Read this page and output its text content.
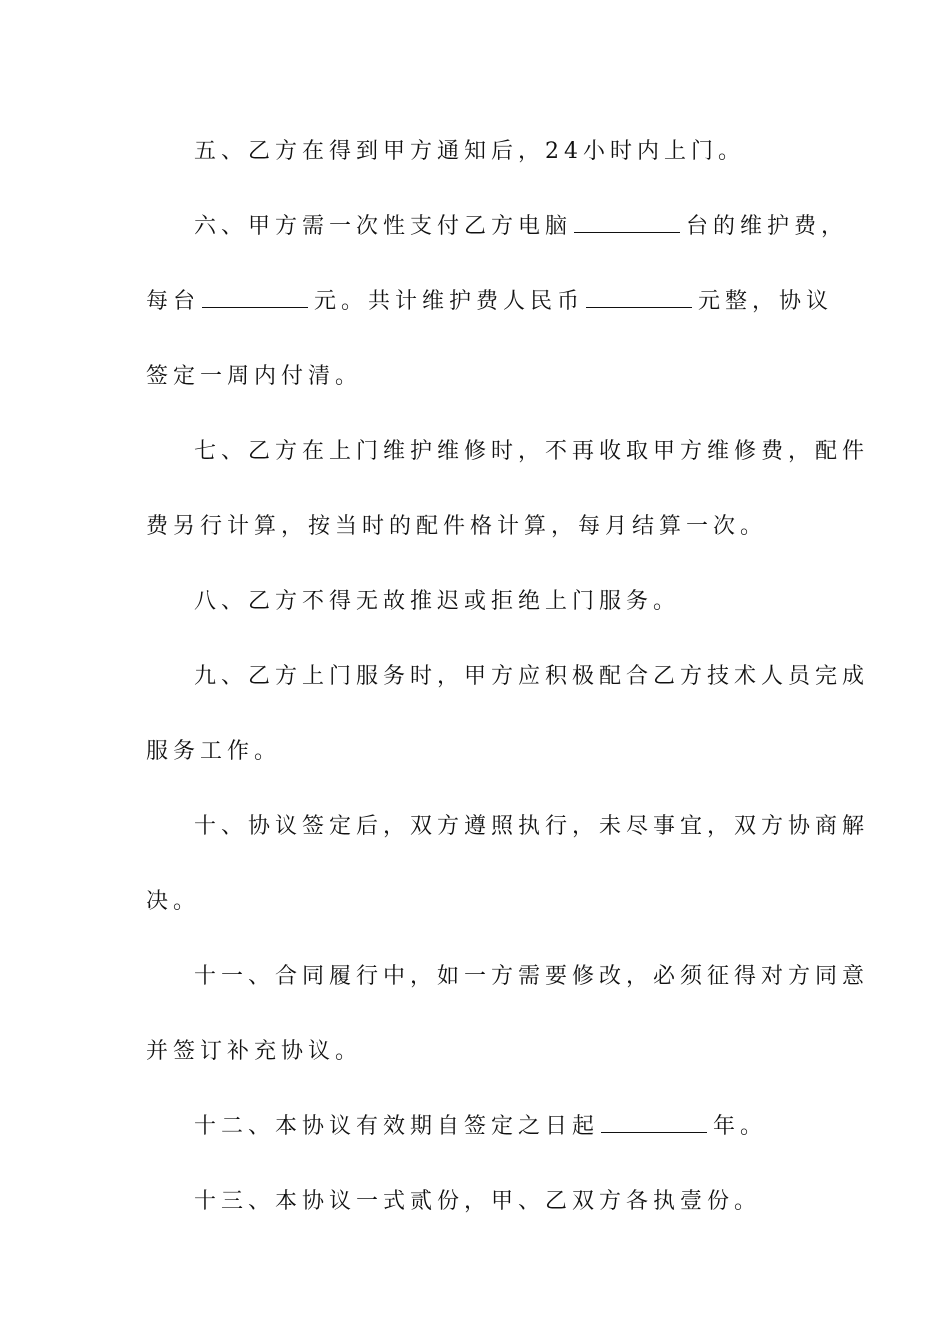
五、乙方在得到甲方通知后，24小时内上门。
六、甲方需一次性支付乙方电脑	台的维护费，
每台	元。共计维护费人民币	元整，协议
签定一周内付清。
七、乙方在上门维护维修时，不再收取甲方维修费，配件
费另行计算，按当时的配件格计算，每月结算一次。
八、乙方不得无故推迟或拒绝上门服务。
九、乙方上门服务时，甲方应积极配合乙方技术人员完成
服务工作。
十、协议签定后，双方遵照执行，未尽事宜，双方协商解
决。
十一、合同履行中，如一方需要修改，必须征得对方同意
并签订补充协议。
十二、本协议有效期自签定之日起	年。
十三、本协议一式贰份，甲、乙双方各执壹份。
